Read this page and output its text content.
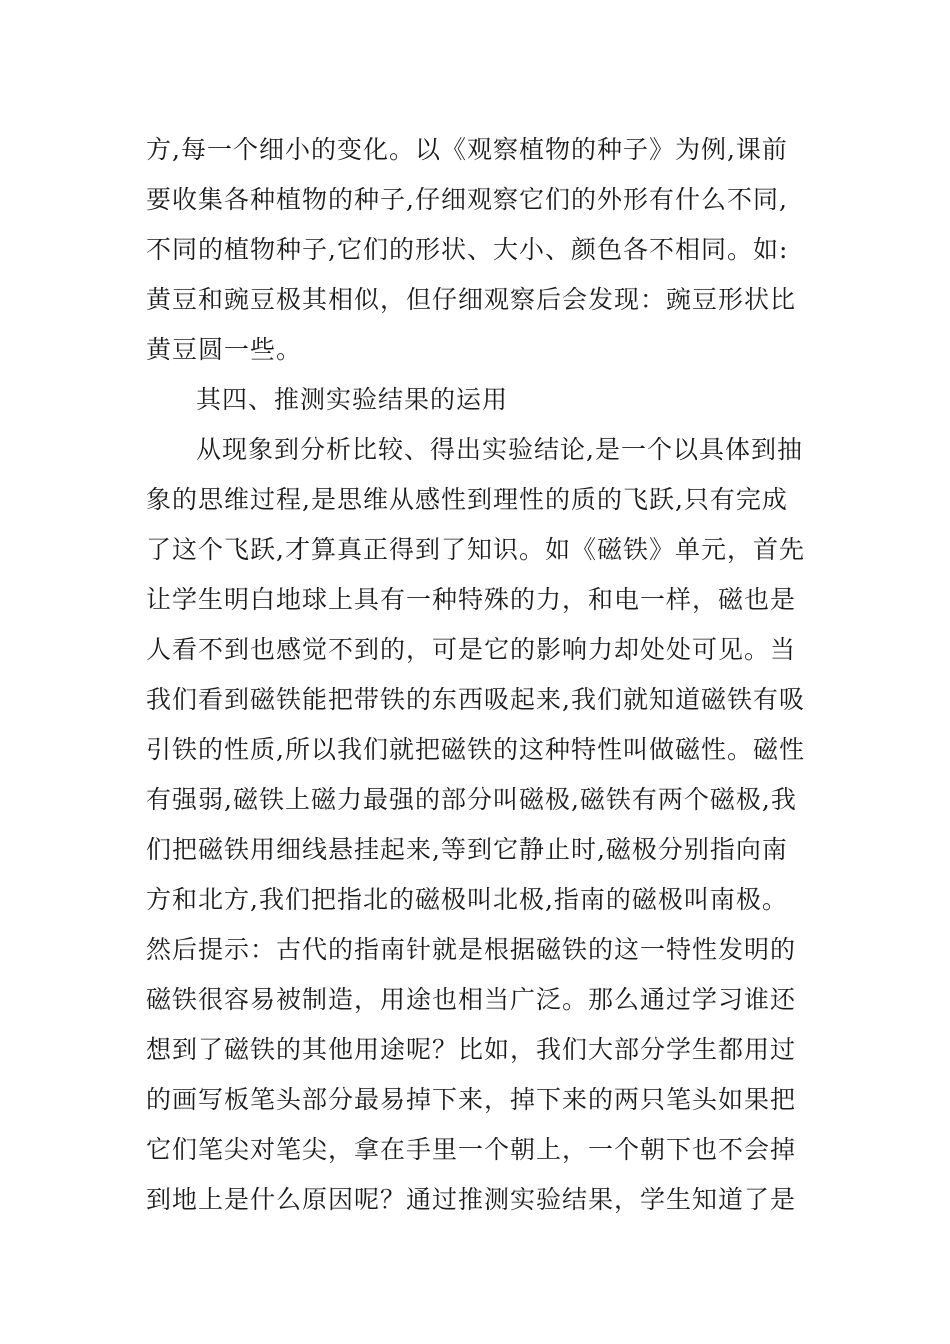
方,每一个细小的变化。以《观察植物的种子》为例,课前
要收集各种植物的种子,仔细观察它们的外形有什么不同,
不同的植物种子,它们的形状、大小、颜色各不相同。如:
黄豆和豌豆极其相似，但仔细观察后会发现：豌豆形状比
黄豆圆一些。
其四、推测实验结果的运用
从现象到分析比较、得出实验结论,是一个以具体到抽
象的思维过程,是思维从感性到理性的质的飞跃,只有完成
了这个飞跃,才算真正得到了知识。如《磁铁》单元，首先
让学生明白地球上具有一种特殊的力，和电一样，磁也是
人看不到也感觉不到的，可是它的影响力却处处可见。当
我们看到磁铁能把带铁的东西吸起来,我们就知道磁铁有吸
引铁的性质,所以我们就把磁铁的这种特性叫做磁性。磁性
有强弱,磁铁上磁力最强的部分叫磁极,磁铁有两个磁极,我
们把磁铁用细线悬挂起来,等到它静止时,磁极分别指向南
方和北方,我们把指北的磁极叫北极,指南的磁极叫南极。
然后提示：古代的指南针就是根据磁铁的这一特性发明的
磁铁很容易被制造，用途也相当广泛。那么通过学习谁还
想到了磁铁的其他用途呢？比如，我们大部分学生都用过
的画写板笔头部分最易掉下来，掉下来的两只笔头如果把
它们笔尖对笔尖，拿在手里一个朝上，一个朝下也不会掉
到地上是什么原因呢？通过推测实验结果，学生知道了是
